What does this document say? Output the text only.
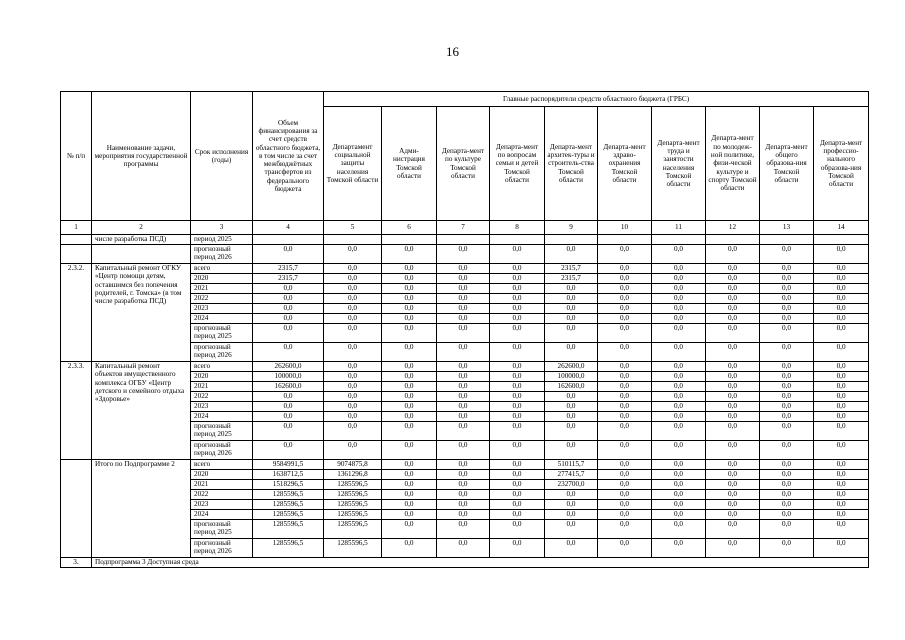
16
№ п/п	Наименование задачи, мероприятия государственной программы	Срок исполнения (годы)	Объем финансирования за счет средств областного бюджета, в том числе за счет межбюджётных трансфертов из федерального бюджета	Главные распорядители средств областного бюджета (ГРБС)									
				Департамент социальной защиты населения Томской области	Адми-нистрация Томской области	Департа-мент по культуре Томской области	Департа-мент по вопросам семьи и детей Томской области	Департа-мент архитек-туры и строитель-ства Томской области	Департа-мент здраво-охранения Томской области	Департа-мент труда и занятости населения Томской области	Департа-мент по молодеж-ной политике, физи-ческой культуре и спорту Томской области	Департа-мент общего образова-ния Томской области	Департа-мент профессио-нального образова-ния Томской области
1	2	3	4	5	6	7	8	9	10	11	12	13	14
	числе разработка ПСД)	период 2025											
		прогнозный период 2026	0,0	0,0	0,0	0,0	0,0	0,0	0,0	0,0	0,0	0,0	0,0
2.3.2.	Капитальный ремонт ОГКУ «Центр помощи детям, оставшимся без попечения родителей, г. Томска» (в том числе разработка ПСД)	всего	2315,7	0,0	0,0	0,0	0,0	2315,7	0,0	0,0	0,0	0,0	0,0
		2020	2315,7	0,0	0,0	0,0	0,0	2315,7	0,0	0,0	0,0	0,0	0,0
		2021	0,0	0,0	0,0	0,0	0,0	0,0	0,0	0,0	0,0	0,0	0,0
		2022	0,0	0,0	0,0	0,0	0,0	0,0	0,0	0,0	0,0	0,0	0,0
		2023	0,0	0,0	0,0	0,0	0,0	0,0	0,0	0,0	0,0	0,0	0,0
		2024	0,0	0,0	0,0	0,0	0,0	0,0	0,0	0,0	0,0	0,0	0,0
		прогнозный период 2025	0,0	0,0	0,0	0,0	0,0	0,0	0,0	0,0	0,0	0,0	0,0
		прогнозный период 2026	0,0	0,0	0,0	0,0	0,0	0,0	0,0	0,0	0,0	0,0	0,0
2.3.3.	Капитальный ремонт объектов имущественного комплекса ОГБУ «Центр детского и семейного отдыха «Здоровье»	всего	262600,0	0,0	0,0	0,0	0,0	262600,0	0,0	0,0	0,0	0,0	0,0
		2020	100000,0	0,0	0,0	0,0	0,0	100000,0	0,0	0,0	0,0	0,0	0,0
		2021	162600,0	0,0	0,0	0,0	0,0	162600,0	0,0	0,0	0,0	0,0	0,0
		2022	0,0	0,0	0,0	0,0	0,0	0,0	0,0	0,0	0,0	0,0	0,0
		2023	0,0	0,0	0,0	0,0	0,0	0,0	0,0	0,0	0,0	0,0	0,0
		2024	0,0	0,0	0,0	0,0	0,0	0,0	0,0	0,0	0,0	0,0	0,0
		прогнозный период 2025	0,0	0,0	0,0	0,0	0,0	0,0	0,0	0,0	0,0	0,0	0,0
		прогнозный период 2026	0,0	0,0	0,0	0,0	0,0	0,0	0,0	0,0	0,0	0,0	0,0
	Итого по Подпрограмме 2	всего	9584991,5	9074875,8	0,0	0,0	0,0	510115,7	0,0	0,0	0,0	0,0	0,0
		2020	1638712,5	1361296,8	0,0	0,0	0,0	277415,7	0,0	0,0	0,0	0,0	0,0
		2021	1518296,5	1285596,5	0,0	0,0	0,0	232700,0	0,0	0,0	0,0	0,0	0,0
		2022	1285596,5	1285596,5	0,0	0,0	0,0	0,0	0,0	0,0	0,0	0,0	0,0
		2023	1285596,5	1285596,5	0,0	0,0	0,0	0,0	0,0	0,0	0,0	0,0	0,0
		2024	1285596,5	1285596,5	0,0	0,0	0,0	0,0	0,0	0,0	0,0	0,0	0,0
		прогнозный период 2025	1285596,5	1285596,5	0,0	0,0	0,0	0,0	0,0	0,0	0,0	0,0	0,0
		прогнозный период 2026	1285596,5	1285596,5	0,0	0,0	0,0	0,0	0,0	0,0	0,0	0,0	0,0
3.	Подпрограмма 3 Доступная среда												
